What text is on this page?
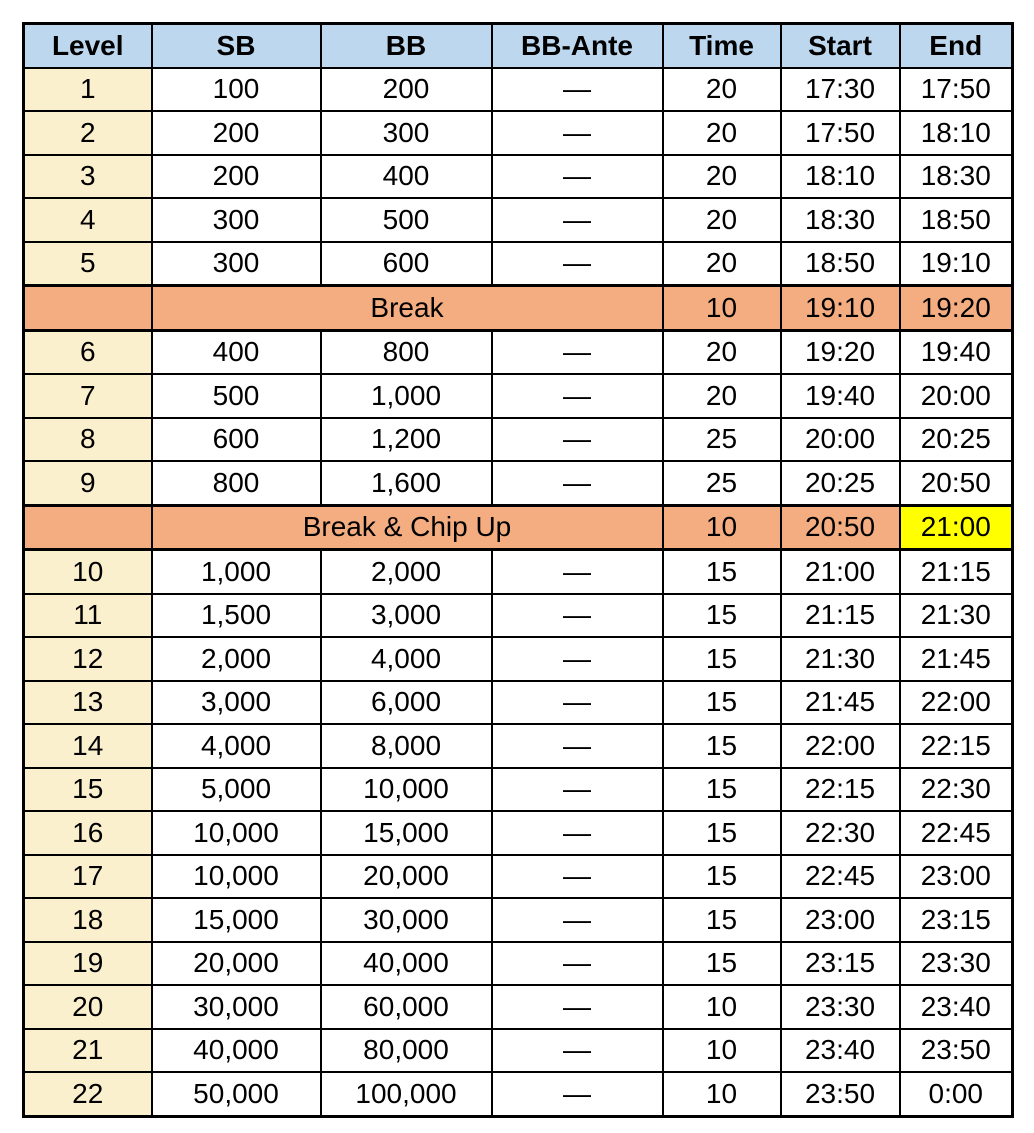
Level	SB	BB	BB-Ante	Time	Start	End
1	100	200	—	20	17:30	17:50
2	200	300	—	20	17:50	18:10
3	200	400	—	20	18:10	18:30
4	300	500	—	20	18:30	18:50
5	300	600	—	20	18:50	19:10
	Break			10	19:10	19:20
6	400	800	—	20	19:20	19:40
7	500	1,000	—	20	19:40	20:00
8	600	1,200	—	25	20:00	20:25
9	800	1,600	—	25	20:25	20:50
	Break & Chip Up			10	20:50	21:00
10	1,000	2,000	—	15	21:00	21:15
11	1,500	3,000	—	15	21:15	21:30
12	2,000	4,000	—	15	21:30	21:45
13	3,000	6,000	—	15	21:45	22:00
14	4,000	8,000	—	15	22:00	22:15
15	5,000	10,000	—	15	22:15	22:30
16	10,000	15,000	—	15	22:30	22:45
17	10,000	20,000	—	15	22:45	23:00
18	15,000	30,000	—	15	23:00	23:15
19	20,000	40,000	—	15	23:15	23:30
20	30,000	60,000	—	10	23:30	23:40
21	40,000	80,000	—	10	23:40	23:50
22	50,000	100,000	—	10	23:50	0:00
